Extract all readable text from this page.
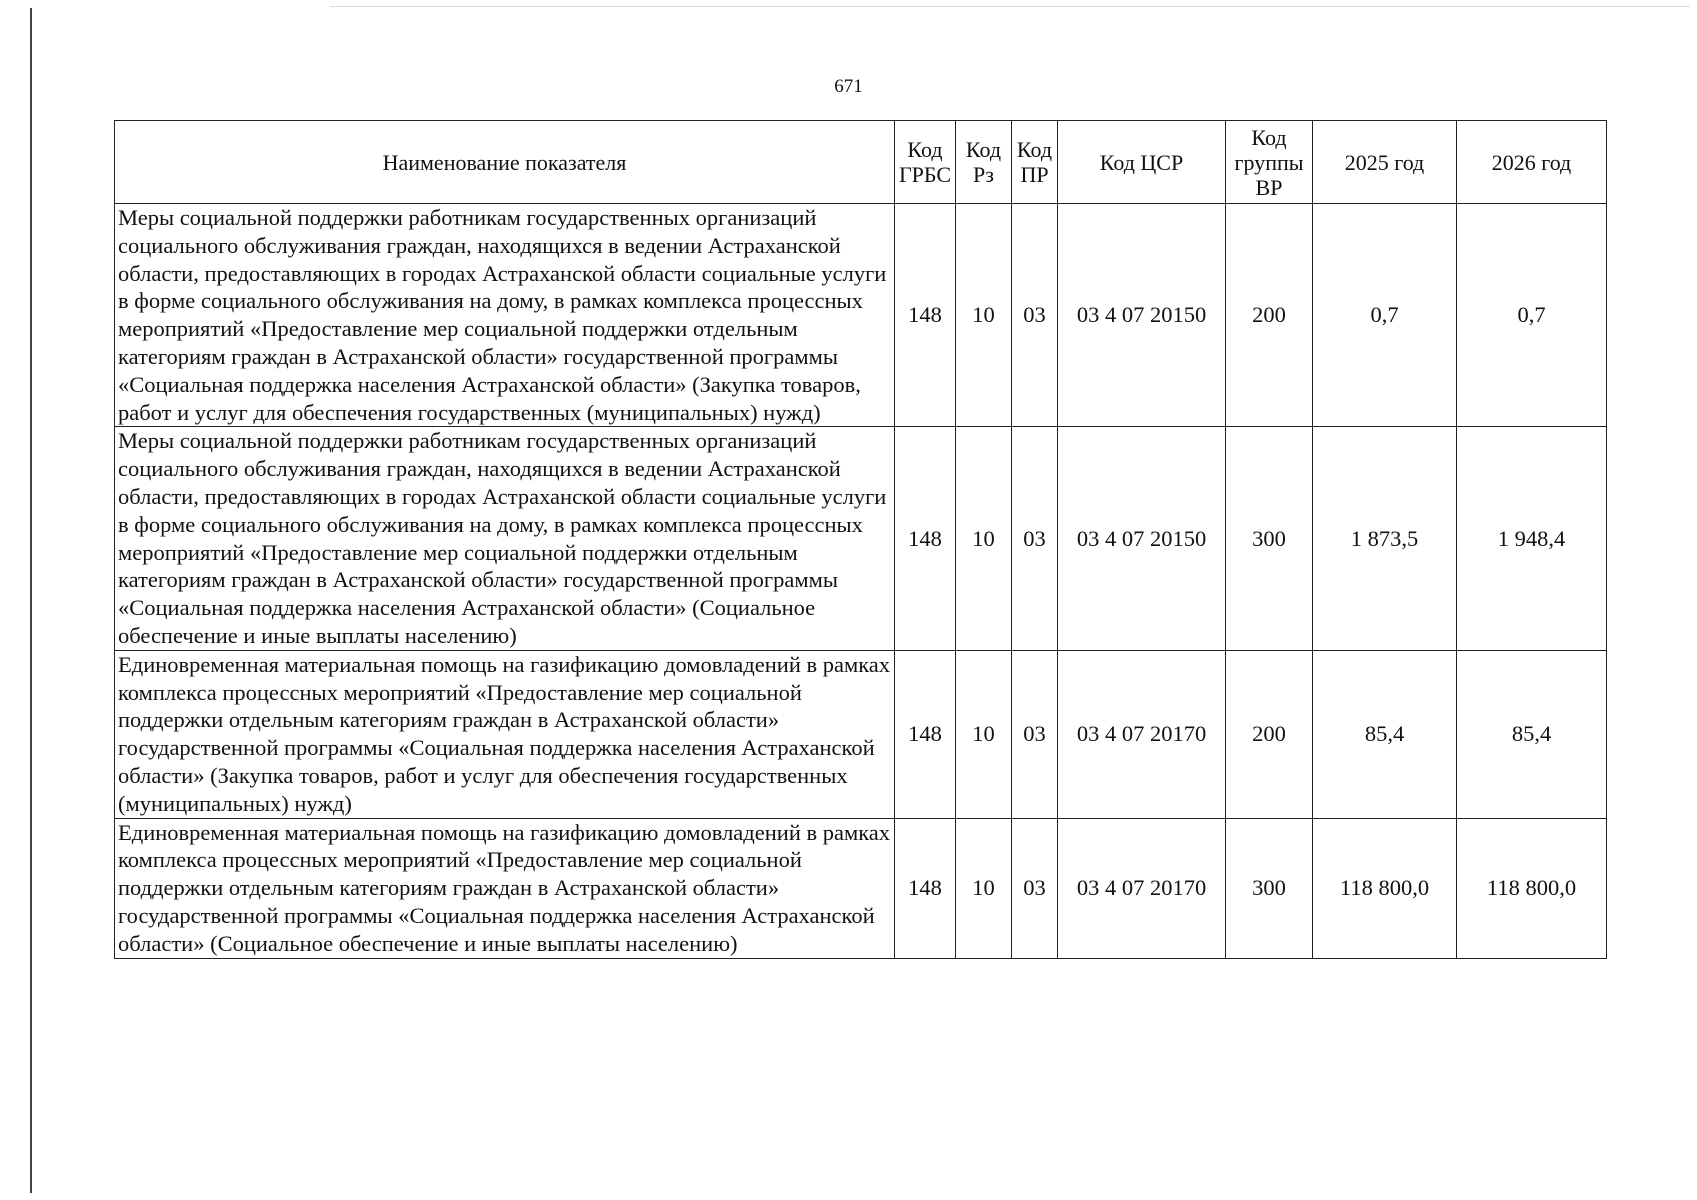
671
Наименование показателя	Код ГРБС	Код Рз	Код ПР	Код ЦСР	Код группы ВР	2025 год	2026 год
Меры социальной поддержки работникам государственных организаций социального обслуживания граждан, находящихся в ведении Астраханской области, предоставляющих в городах Астраханской области социальные услуги в форме социального обслуживания на дому, в рамках комплекса процессных мероприятий «Предоставление мер социальной поддержки отдельным категориям граждан в Астраханской области» государственной программы «Социальная поддержка населения Астраханской области» (Закупка товаров, работ и услуг для обеспечения государственных (муниципальных) нужд)	148	10	03	03 4 07 20150	200	0,7	0,7
Меры социальной поддержки работникам государственных организаций социального обслуживания граждан, находящихся в ведении Астраханской области, предоставляющих в городах Астраханской области социальные услуги в форме социального обслуживания на дому, в рамках комплекса процессных мероприятий «Предоставление мер социальной поддержки отдельным категориям граждан в Астраханской области» государственной программы «Социальная поддержка населения Астраханской области» (Социальное обеспечение и иные выплаты населению)	148	10	03	03 4 07 20150	300	1 873,5	1 948,4
Единовременная материальная помощь на газификацию домовладений в рамках комплекса процессных мероприятий «Предоставление мер социальной поддержки отдельным категориям граждан в Астраханской области» государственной программы «Социальная поддержка населения Астраханской области» (Закупка товаров, работ и услуг для обеспечения государственных (муниципальных) нужд)	148	10	03	03 4 07 20170	200	85,4	85,4
Единовременная материальная помощь на газификацию домовладений в рамках комплекса процессных мероприятий «Предоставление мер социальной поддержки отдельным категориям граждан в Астраханской области» государственной программы «Социальная поддержка населения Астраханской области» (Социальное обеспечение и иные выплаты населению)	148	10	03	03 4 07 20170	300	118 800,0	118 800,0
